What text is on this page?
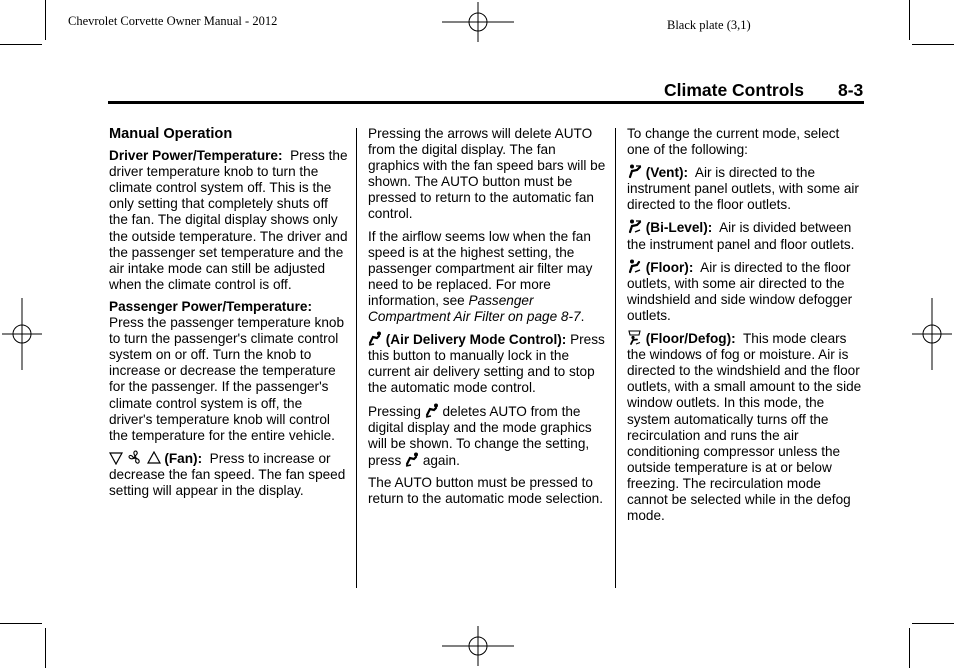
Chevrolet Corvette Owner Manual - 2012	Black plate (3,1)
Climate Controls 8-3
Manual Operation

Driver Power/Temperature: Press the driver temperature knob to turn the climate control system off. This is the only setting that completely shuts off the fan. The digital display shows only the outside temperature. The driver and the passenger set temperature and the air intake mode can still be adjusted when the climate control is off.

Passenger Power/Temperature:
Press the passenger temperature knob to turn the passenger's climate control system on or off. Turn the knob to increase or decrease the temperature for the passenger. If the passenger's climate control system is off, the driver's temperature knob will control the temperature for the entire vehicle.

(Fan): Press to increase or decrease the fan speed. The fan speed setting will appear in the display.

Pressing the arrows will delete AUTO from the digital display. The fan graphics with the fan speed bars will be shown. The AUTO button must be pressed to return to the automatic fan control.

If the airflow seems low when the fan speed is at the highest setting, the passenger compartment air filter may need to be replaced. For more information, see Passenger Compartment Air Filter on page 8-7.

(Air Delivery Mode Control): Press this button to manually lock in the current air delivery setting and to stop the automatic mode control.

Pressing deletes AUTO from the digital display and the mode graphics will be shown. To change the setting, press again.

The AUTO button must be pressed to return to the automatic mode selection.

To change the current mode, select one of the following:

(Vent): Air is directed to the instrument panel outlets, with some air directed to the floor outlets.

(Bi-Level): Air is divided between the instrument panel and floor outlets.

(Floor): Air is directed to the floor outlets, with some air directed to the windshield and side window defogger outlets.

(Floor/Defog): This mode clears the windows of fog or moisture. Air is directed to the windshield and the floor outlets, with a small amount to the side window outlets. In this mode, the system automatically turns off the recirculation and runs the air conditioning compressor unless the outside temperature is at or below freezing. The recirculation mode cannot be selected while in the defog mode.
